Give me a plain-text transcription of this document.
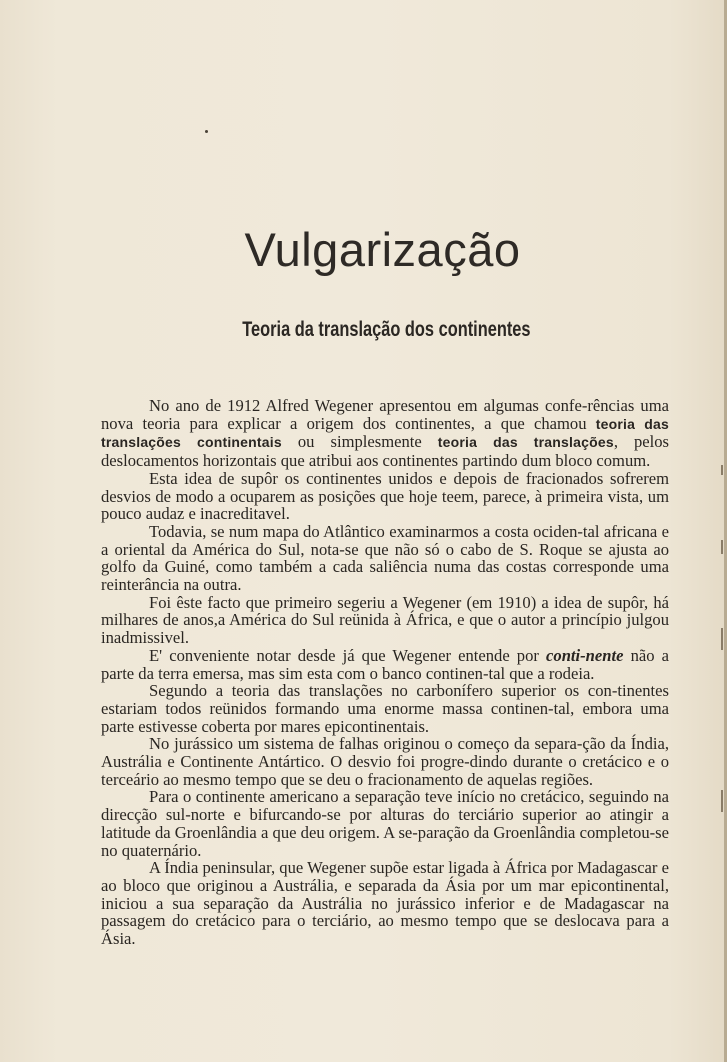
Vulgarização
Teoria da translação dos continentes

No ano de 1912 Alfred Wegener apresentou em algumas confe-rências uma nova teoria para explicar a origem dos continentes, a que chamou teoria das translações continentais ou simplesmente teoria das translações, pelos deslocamentos horizontais que atribui aos continentes partindo dum bloco comum.

Esta idea de supôr os continentes unidos e depois de fracionados sofrerem desvios de modo a ocuparem as posições que hoje teem, parece, à primeira vista, um pouco audaz e inacreditavel.

Todavia, se num mapa do Atlântico examinarmos a costa ociden-tal africana e a oriental da América do Sul, nota-se que não só o cabo de S. Roque se ajusta ao golfo da Guiné, como também a cada saliência numa das costas corresponde uma reinterância na outra.

Foi êste facto que primeiro segeriu a Wegener (em 1910) a idea de supôr, há milhares de anos,a América do Sul reünida à África, e que o autor a princípio julgou inadmissivel.

E' conveniente notar desde já que Wegener entende por conti-nente não a parte da terra emersa, mas sim esta com o banco continen-tal que a rodeia.

Segundo a teoria das translações no carbonífero superior os con-tinentes estariam todos reünidos formando uma enorme massa continen-tal, embora uma parte estivesse coberta por mares epicontinentais.

No jurássico um sistema de falhas originou o começo da separa-ção da Índia, Austrália e Continente Antártico. O desvio foi progre-dindo durante o cretácico e o terceário ao mesmo tempo que se deu o fracionamento de aquelas regiões.

Para o continente americano a separação teve início no cretácico, seguindo na direcção sul-norte e bifurcando-se por alturas do terciário superior ao atingir a latitude da Groenlândia a que deu origem. A se-paração da Groenlândia completou-se no quaternário.

A Índia peninsular, que Wegener supõe estar ligada à África por Madagascar e ao bloco que originou a Austrália, e separada da Ásia por um mar epicontinental, iniciou a sua separação da Austrália no jurássico inferior e de Madagascar na passagem do cretácico para o terciário, ao mesmo tempo que se deslocava para a Ásia.
